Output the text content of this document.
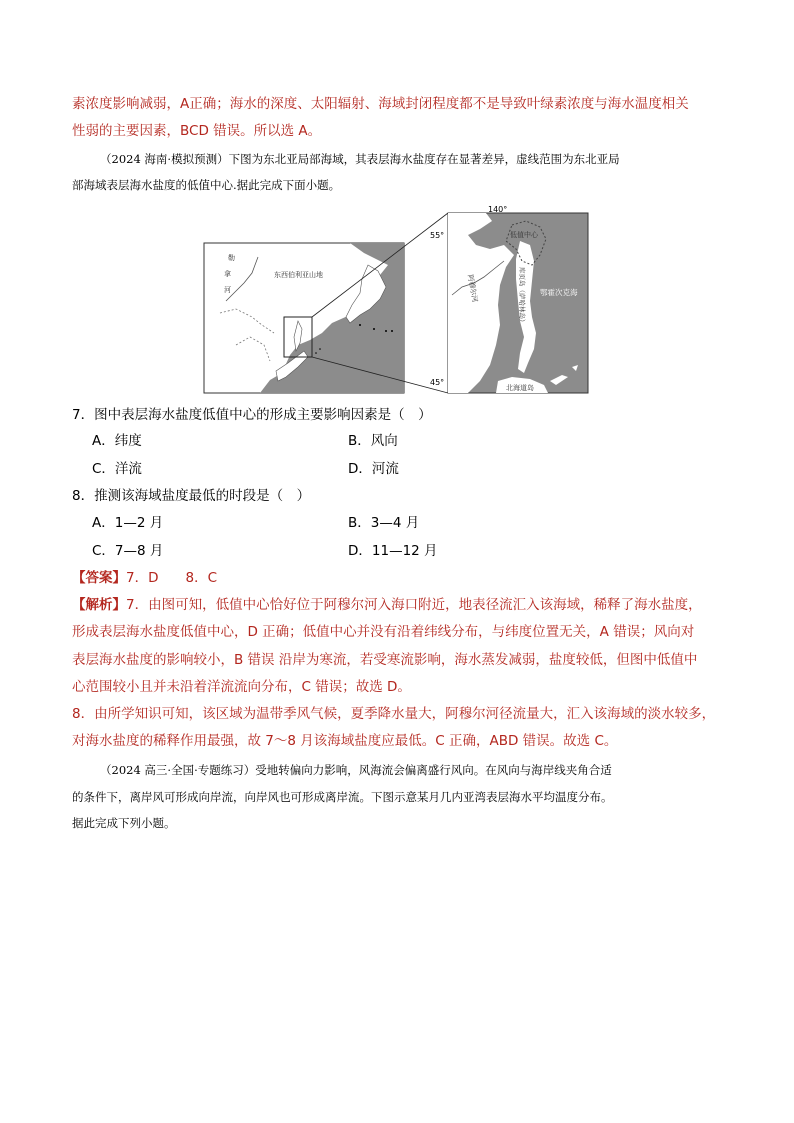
素浓度影响减弱，A正确；海水的深度、太阳辐射、海域封闭程度都不是导致叶绿素浓度与海水温度相关
性弱的主要因素，BCD 错误。所以选 A。
（2024 海南·模拟预测）下图为东北亚局部海域，其表层海水盐度存在显著差异，虚线范围为东北亚局
部海域表层海水盐度的低值中心.据此完成下面小题。
东西伯利亚山地
勒
拿
河
140°
55°
45°
低值中心
阿穆尔河	库页岛（萨哈林岛） 鄂霍次克海
北海道岛
7．图中表层海水盐度低值中心的形成主要影响因素是（　）
A．纬度	B．风向
C．洋流	D．河流
8．推测该海域盐度最低的时段是（　）
A．1—2 月	B．3—4 月
C．7—8 月	D．11—12 月
【答案】7．D　　8．C
【解析】7．由图可知，低值中心恰好位于阿穆尔河入海口附近，地表径流汇入该海域，稀释了海水盐度，
形成表层海水盐度低值中心，D 正确；低值中心并没有沿着纬线分布，与纬度位置无关，A 错误；风向对
表层海水盐度的影响较小，B 错误 沿岸为寒流，若受寒流影响，海水蒸发减弱，盐度较低，但图中低值中
心范围较小且并未沿着洋流流向分布，C 错误；故选 D。
8．由所学知识可知，该区域为温带季风气候，夏季降水量大，阿穆尔河径流量大，汇入该海域的淡水较多，
对海水盐度的稀释作用最强，故 7～8 月该海域盐度应最低。C 正确，ABD 错误。故选 C。
（2024 高三·全国·专题练习）受地转偏向力影响，风海流会偏离盛行风向。在风向与海岸线夹角合适
的条件下，离岸风可形成向岸流，向岸风也可形成离岸流。下图示意某月几内亚湾表层海水平均温度分布。
据此完成下列小题。
